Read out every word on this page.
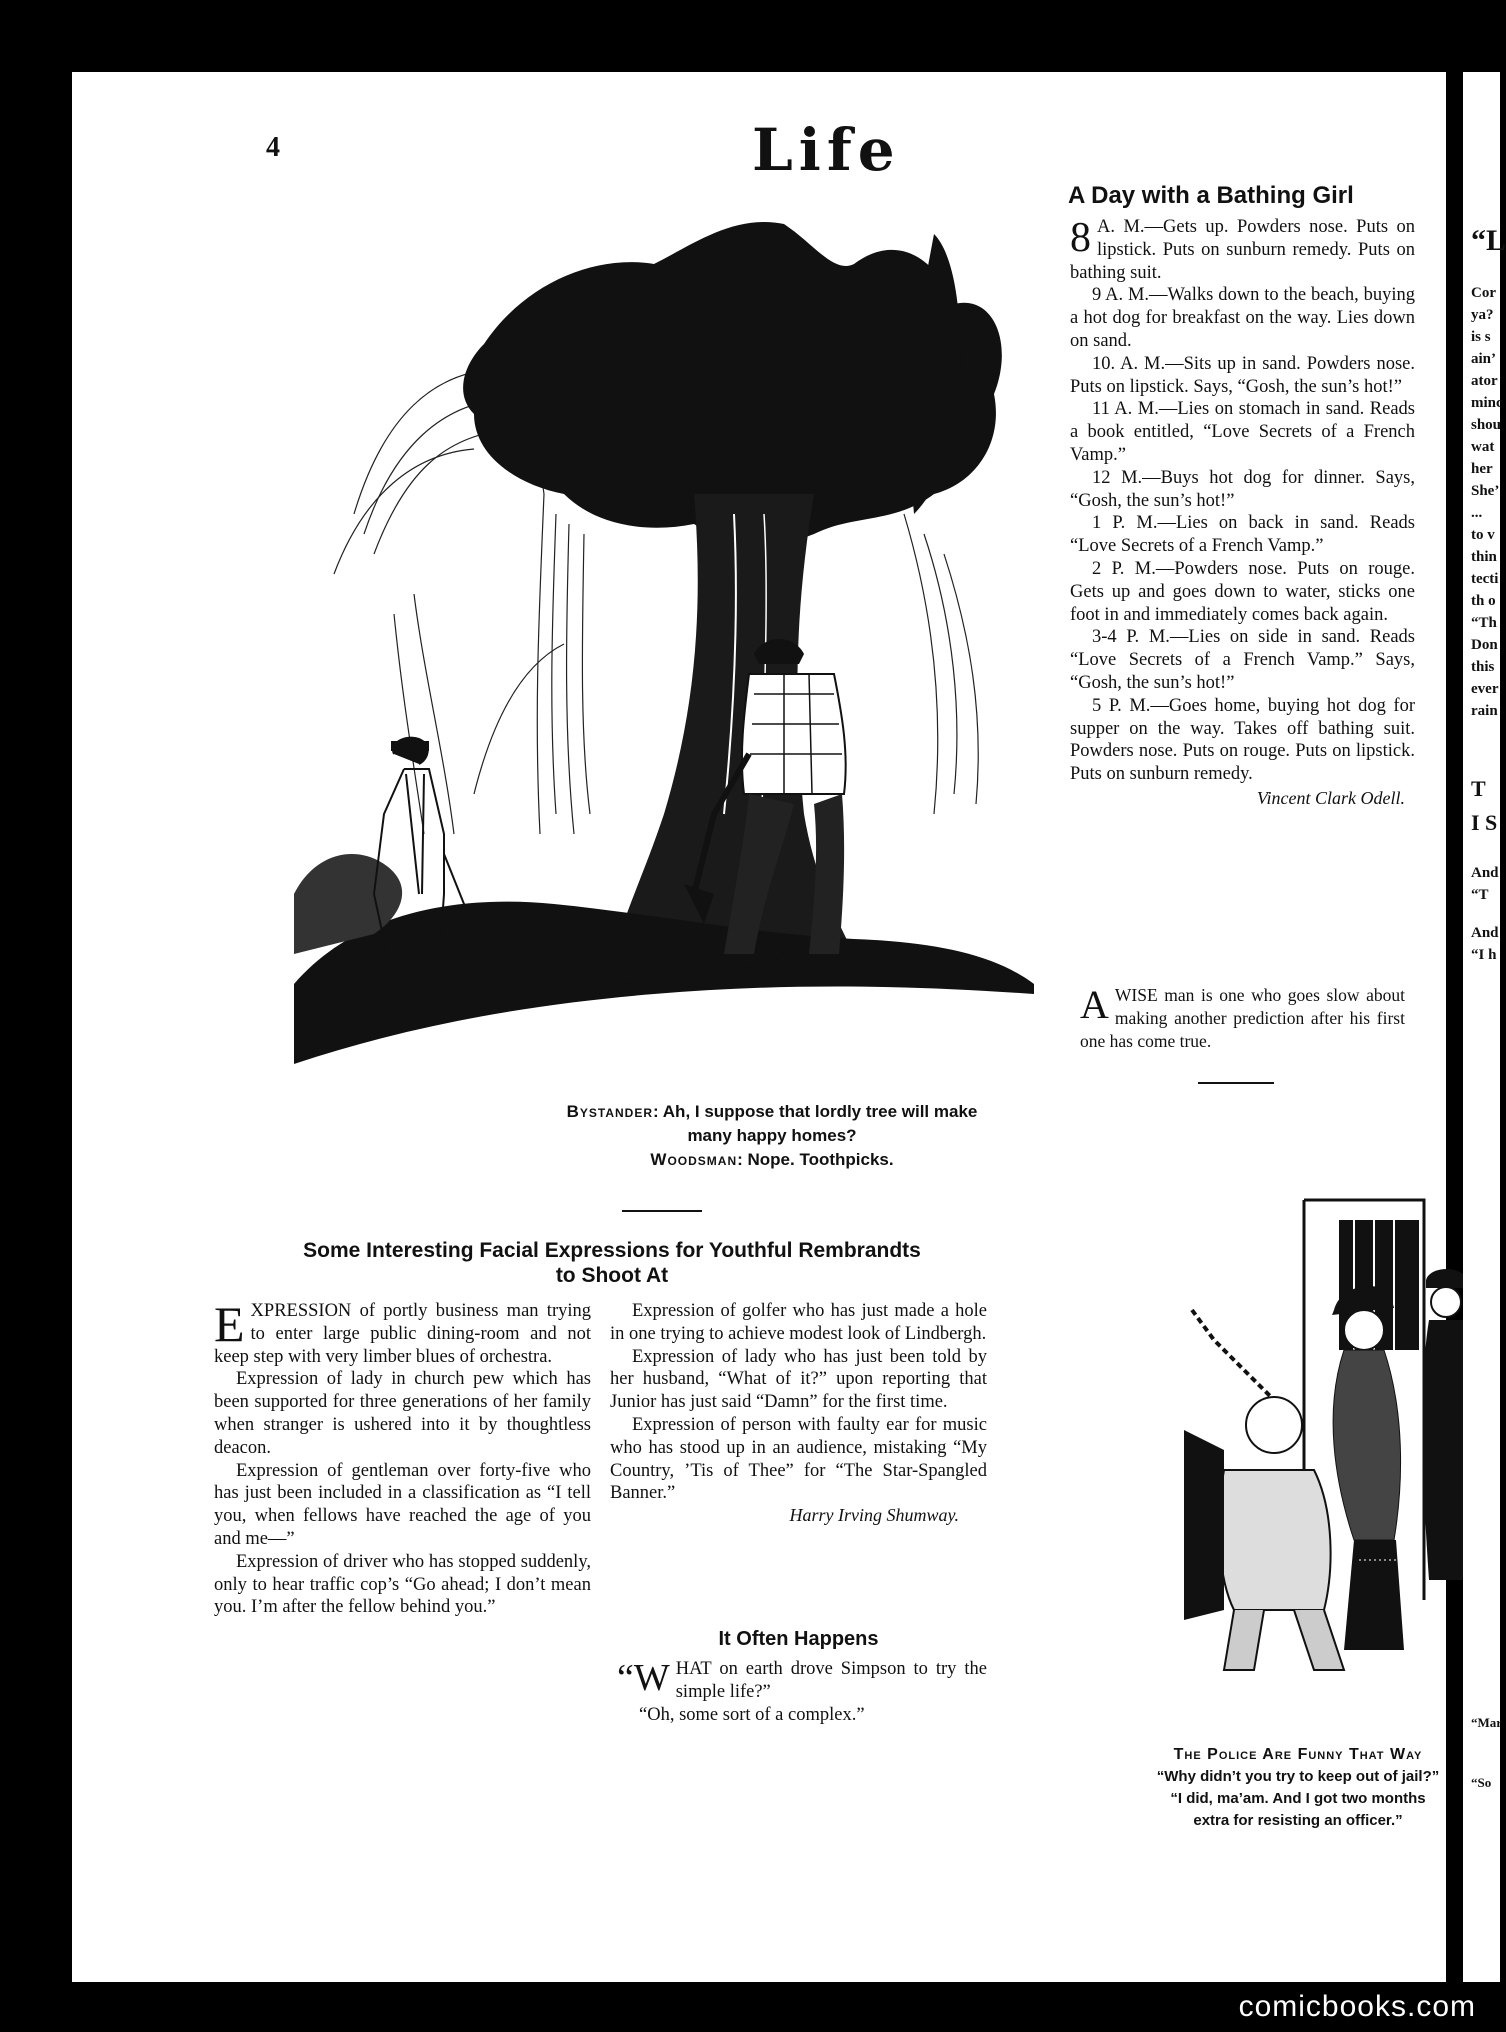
4	Life
Bystander: Ah, I suppose that lordly tree will make
many happy homes?
Woodsman: Nope. Toothpicks.
Some Interesting Facial Expressions for Youthful Rembrandts
to Shoot At

EXPRESSION of portly business man trying to enter large public dining-room and not keep step with very limber blues of orchestra.

Expression of lady in church pew which has been supported for three generations of her family when stranger is ushered into it by thoughtless deacon.

Expression of gentleman over forty-five who has just been included in a classification as “I tell you, when fellows have reached the age of you and me—”

Expression of driver who has stopped suddenly, only to hear traffic cop’s “Go ahead; I don’t mean you. I’m after the fellow behind you.”

Expression of golfer who has just made a hole in one trying to achieve modest look of Lindbergh.

Expression of lady who has just been told by her husband, “What of it?” upon reporting that Junior has just said “Damn” for the first time.

Expression of person with faulty ear for music who has stood up in an audience, mistaking “My Country, ’Tis of Thee” for “The Star-Spangled Banner.”

Harry Irving Shumway.
It Often Happens

“WHAT on earth drove Simpson to try the simple life?”

“Oh, some sort of a complex.”

A Day with a Bathing Girl

8 A. M.—Gets up. Powders nose. Puts on lipstick. Puts on sunburn remedy. Puts on bathing suit.

9 A. M.—Walks down to the beach, buying a hot dog for breakfast on the way. Lies down on sand.

10. A. M.—Sits up in sand. Powders nose. Puts on lipstick. Says, “Gosh, the sun’s hot!”

11 A. M.—Lies on stomach in sand. Reads a book entitled, “Love Secrets of a French Vamp.”

12 M.—Buys hot dog for dinner. Says, “Gosh, the sun’s hot!”

1 P. M.—Lies on back in sand. Reads “Love Secrets of a French Vamp.”

2 P. M.—Powders nose. Puts on rouge. Gets up and goes down to water, sticks one foot in and immediately comes back again.

3-4 P. M.—Lies on side in sand. Reads “Love Secrets of a French Vamp.” Says, “Gosh, the sun’s hot!”

5 P. M.—Goes home, buying hot dog for supper on the way. Takes off bathing suit. Powders nose. Puts on rouge. Puts on lipstick. Puts on sunburn remedy.

Vincent Clark Odell.

AWISE man is one who goes slow about making another prediction after his first one has come true.

The Police Are Funny That Way
“Why didn’t you try to keep out of jail?”
“I did, ma’am. And I got two months
extra for resisting an officer.”
“L
Cor
ya?
is s
ain’
ator
minc
shou
wat
her
She’
...
to v
thin
tecti
th o
“Th
Don
this
ever
rain
T
I S
And
“T
And
“I h
“Mar
“So
comicbooks.com
